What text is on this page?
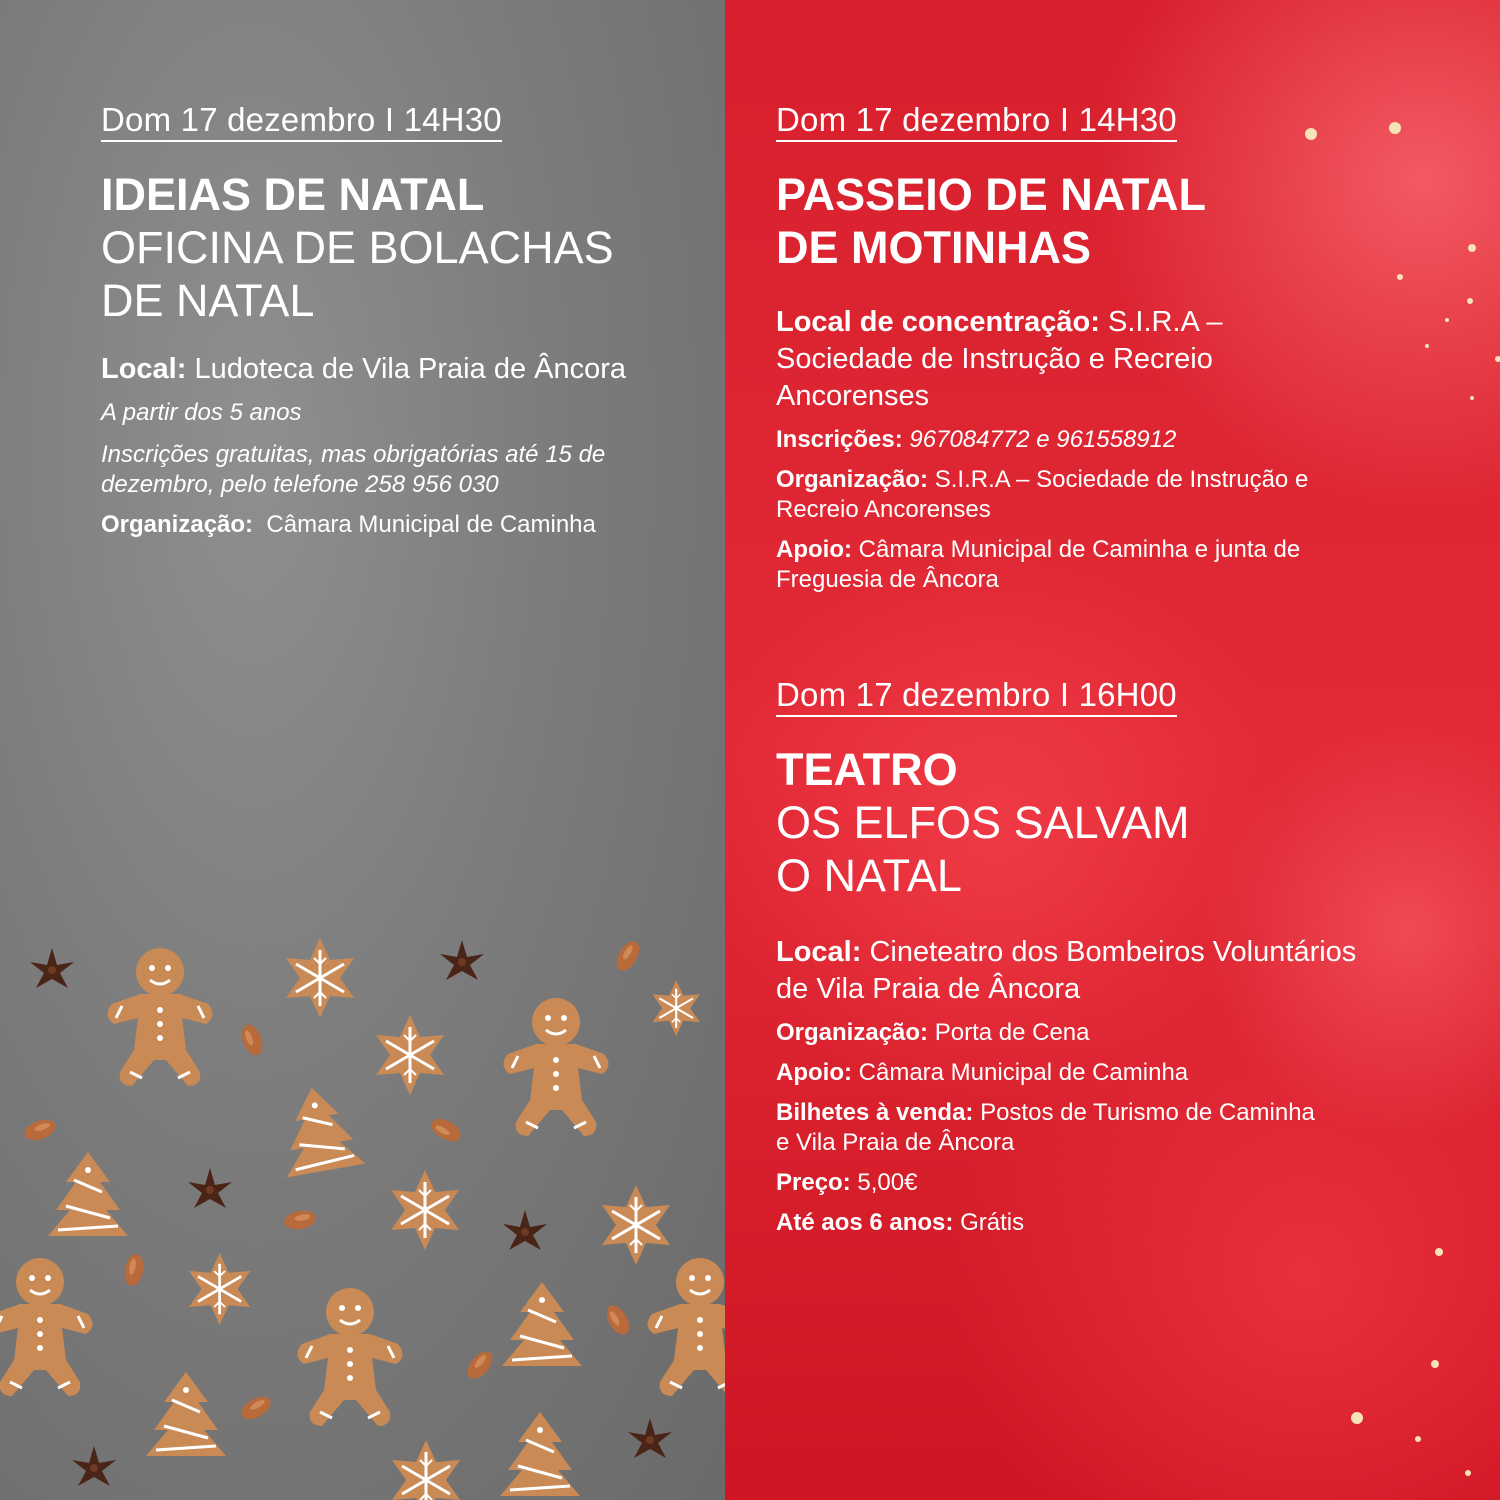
Dom 17 dezembro I 14H30
IDEIAS DE NATAL
OFICINA DE BOLACHAS
DE NATAL
Local: Ludoteca de Vila Praia de Âncora
A partir dos 5 anos
Inscrições gratuitas, mas obrigatórias até 15 de
dezembro, pelo telefone 258 956 030
Organização: Câmara Municipal de Caminha
Dom 17 dezembro I 14H30
PASSEIO DE NATAL
DE MOTINHAS
Local de concentração: S.I.R.A –
Sociedade de Instrução e Recreio
Ancorenses
Inscrições: 967084772 e 961558912
Organização: S.I.R.A – Sociedade de Instrução e
Recreio Ancorenses
Apoio: Câmara Municipal de Caminha e junta de
Freguesia de Âncora
Dom 17 dezembro I 16H00
TEATRO
OS ELFOS SALVAM
O NATAL
Local: Cineteatro dos Bombeiros Voluntários
de Vila Praia de Âncora
Organização: Porta de Cena
Apoio: Câmara Municipal de Caminha
Bilhetes à venda: Postos de Turismo de Caminha
e Vila Praia de Âncora
Preço: 5,00€
Até aos 6 anos: Grátis
